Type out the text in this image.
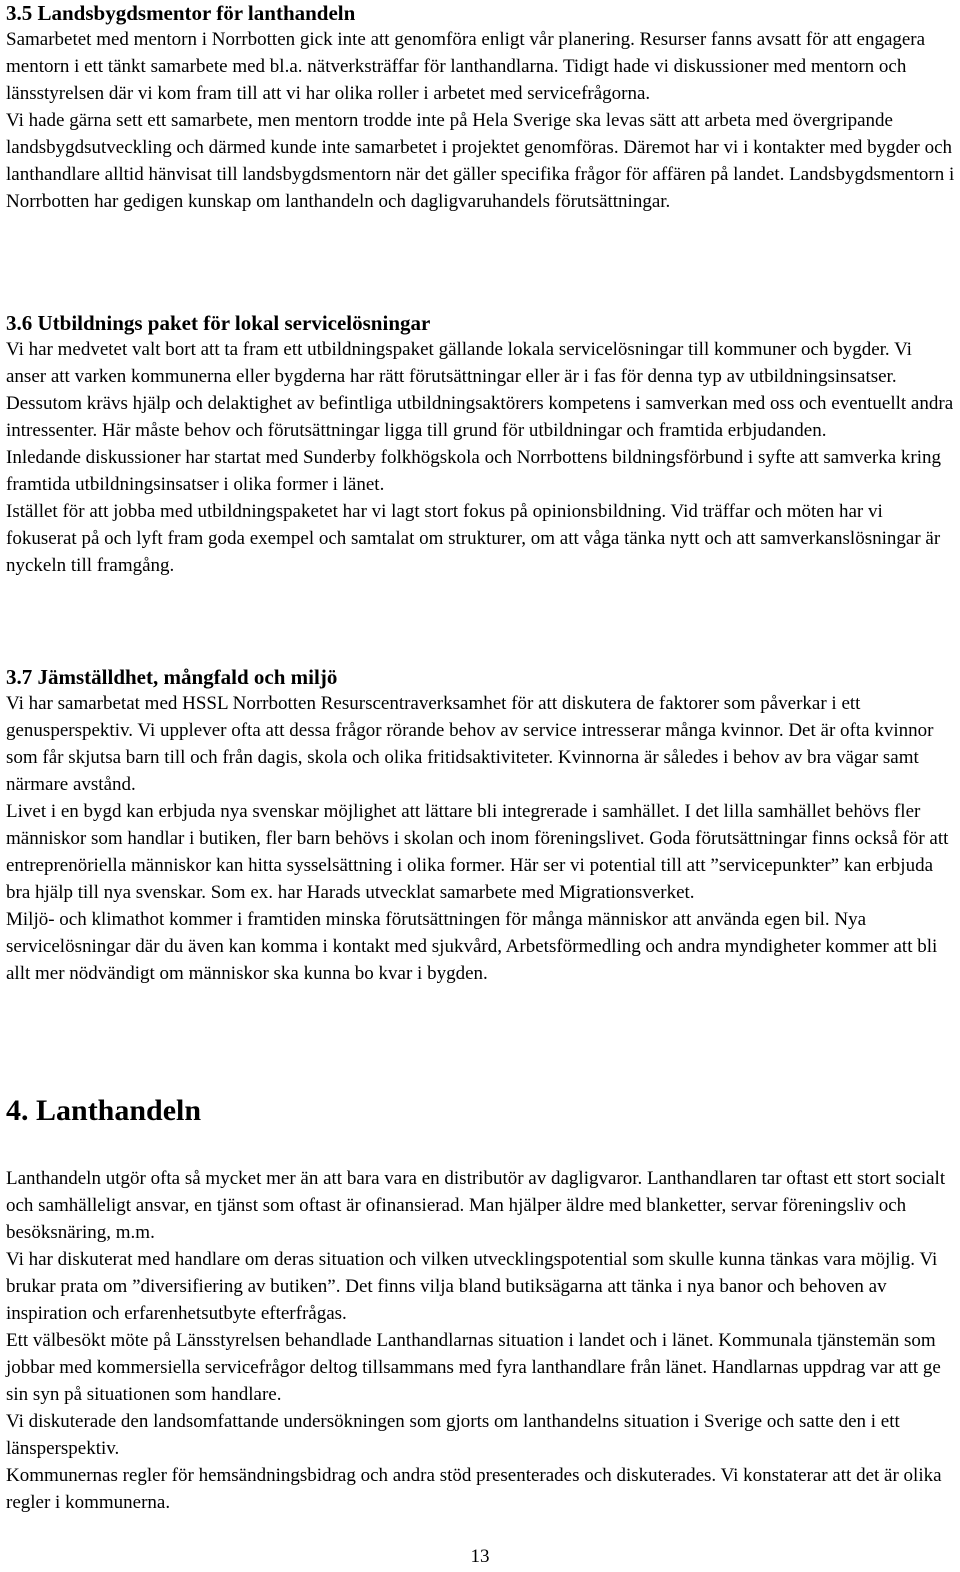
3.5 Landsbygdsmentor för lanthandeln

Samarbetet med mentorn i Norrbotten gick inte att genomföra enligt vår planering. Resurser fanns avsatt för att engagera mentorn i ett tänkt samarbete med bl.a. nätverksträffar för lanthandlarna. Tidigt hade vi diskussioner med mentorn och länsstyrelsen där vi kom fram till att vi har olika roller i arbetet med servicefrågorna.

Vi hade gärna sett ett samarbete, men mentorn trodde inte på Hela Sverige ska levas sätt att arbeta med övergripande landsbygdsutveckling och därmed kunde inte samarbetet i projektet genomföras. Däremot har vi i kontakter med bygder och lanthandlare alltid hänvisat till landsbygdsmentorn när det gäller specifika frågor för affären på landet. Landsbygdsmentorn i Norrbotten har gedigen kunskap om lanthandeln och dagligvaruhandels förutsättningar.

3.6 Utbildnings paket för lokal servicelösningar

Vi har medvetet valt bort att ta fram ett utbildningspaket gällande lokala servicelösningar till kommuner och bygder. Vi anser att varken kommunerna eller bygderna har rätt förutsättningar eller är i fas för denna typ av utbildningsinsatser. Dessutom krävs hjälp och delaktighet av befintliga utbildningsaktörers kompetens i samverkan med oss och eventuellt andra intressenter. Här måste behov och förutsättningar ligga till grund för utbildningar och framtida erbjudanden.

Inledande diskussioner har startat med Sunderby folkhögskola och Norrbottens bildningsförbund i syfte att samverka kring framtida utbildningsinsatser i olika former i länet.

Istället för att jobba med utbildningspaketet har vi lagt stort fokus på opinionsbildning. Vid träffar och möten har vi fokuserat på och lyft fram goda exempel och samtalat om strukturer, om att våga tänka nytt och att samverkanslösningar är nyckeln till framgång.

3.7 Jämställdhet, mångfald och miljö

Vi har samarbetat med HSSL Norrbotten Resurscentraverksamhet för att diskutera de faktorer som påverkar i ett genusperspektiv. Vi upplever ofta att dessa frågor rörande behov av service intresserar många kvinnor. Det är ofta kvinnor som får skjutsa barn till och från dagis, skola och olika fritidsaktiviteter. Kvinnorna är således i behov av bra vägar samt närmare avstånd.

Livet i en bygd kan erbjuda nya svenskar möjlighet att lättare bli integrerade i samhället. I det lilla samhället behövs fler människor som handlar i butiken, fler barn behövs i skolan och inom föreningslivet. Goda förutsättningar finns också för att entreprenöriella människor kan hitta sysselsättning i olika former. Här ser vi potential till att ”servicepunkter” kan erbjuda bra hjälp till nya svenskar. Som ex. har Harads utvecklat samarbete med Migrationsverket.

Miljö- och klimathot kommer i framtiden minska förutsättningen för många människor att använda egen bil. Nya servicelösningar där du även kan komma i kontakt med sjukvård, Arbetsförmedling och andra myndigheter kommer att bli allt mer nödvändigt om människor ska kunna bo kvar i bygden.

4. Lanthandeln

Lanthandeln utgör ofta så mycket mer än att bara vara en distributör av dagligvaror. Lanthandlaren tar oftast ett stort socialt och samhälleligt ansvar, en tjänst som oftast är ofinansierad. Man hjälper äldre med blanketter, servar föreningsliv och besöksnäring, m.m.

Vi har diskuterat med handlare om deras situation och vilken utvecklingspotential som skulle kunna tänkas vara möjlig. Vi brukar prata om ”diversifiering av butiken”. Det finns vilja bland butiksägarna att tänka i nya banor och behoven av inspiration och erfarenhetsutbyte efterfrågas.

Ett välbesökt möte på Länsstyrelsen behandlade Lanthandlarnas situation i landet och i länet. Kommunala tjänstemän som jobbar med kommersiella servicefrågor deltog tillsammans med fyra lanthandlare från länet. Handlarnas uppdrag var att ge sin syn på situationen som handlare.

Vi diskuterade den landsomfattande undersökningen som gjorts om lanthandelns situation i Sverige och satte den i ett länsperspektiv.

Kommunernas regler för hemsändningsbidrag och andra stöd presenterades och diskuterades. Vi konstaterar att det är olika regler i kommunerna.

13
